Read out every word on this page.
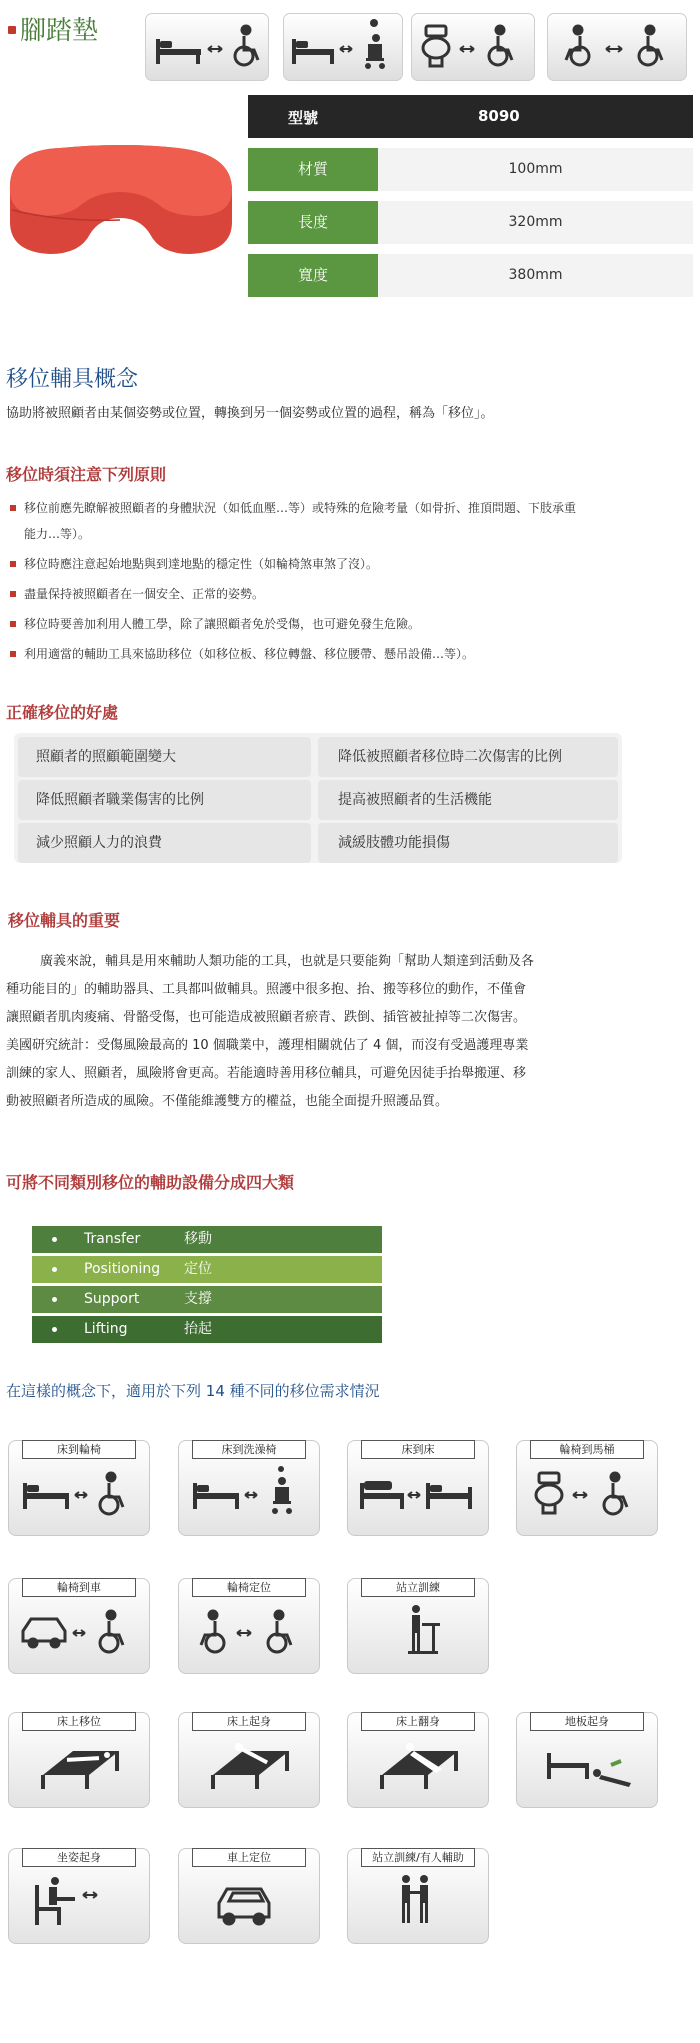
腳踏墊
型號	8090
材質	100mm
長度	320mm
寬度	380mm
移位輔具概念
協助將被照顧者由某個姿勢或位置，轉換到另一個姿勢或位置的過程，稱為「移位」。
移位時須注意下列原則
移位前應先瞭解被照顧者的身體狀況（如低血壓…等）或特殊的危險考量（如骨折、推頂問題、下肢承重
能力…等）。
移位時應注意起始地點與到達地點的穩定性（如輪椅煞車煞了沒）。
盡量保持被照顧者在一個安全、正常的姿勢。
移位時要善加利用人體工學，除了讓照顧者免於受傷，也可避免發生危險。
利用適當的輔助工具來協助移位（如移位板、移位轉盤、移位腰帶、懸吊設備…等）。
正確移位的好處
照顧者的照顧範圍變大	降低被照顧者移位時二次傷害的比例
降低照顧者職業傷害的比例	提高被照顧者的生活機能
減少照顧人力的浪費	減緩肢體功能損傷
移位輔具的重要
廣義來說，輔具是用來輔助人類功能的工具，也就是只要能夠「幫助人類達到活動及各
種功能目的」的輔助器具、工具都叫做輔具。照護中很多抱、抬、搬等移位的動作，不僅會
讓照顧者肌肉痠痛、骨骼受傷，也可能造成被照顧者瘀青、跌倒、插管被扯掉等二次傷害。
美國研究統計：受傷風險最高的 10 個職業中，護理相關就佔了 4 個，而沒有受過護理專業
訓練的家人、照顧者，風險將會更高。若能適時善用移位輔具，可避免因徒手抬舉搬運、移
動被照顧者所造成的風險。不僅能維護雙方的權益，也能全面提升照護品質。
可將不同類別移位的輔助設備分成四大類
Transfer	移動
Positioning 定位
Support	支撐
Lifting	抬起
在這樣的概念下，適用於下列 14 種不同的移位需求情況
床到輪椅	床到洗澡椅	床到床	輪椅到馬桶
輪椅到車	輪椅定位	站立訓練
床上移位	床上起身	床上翻身	地板起身
坐姿起身	車上定位	站立訓練/有人輔助
